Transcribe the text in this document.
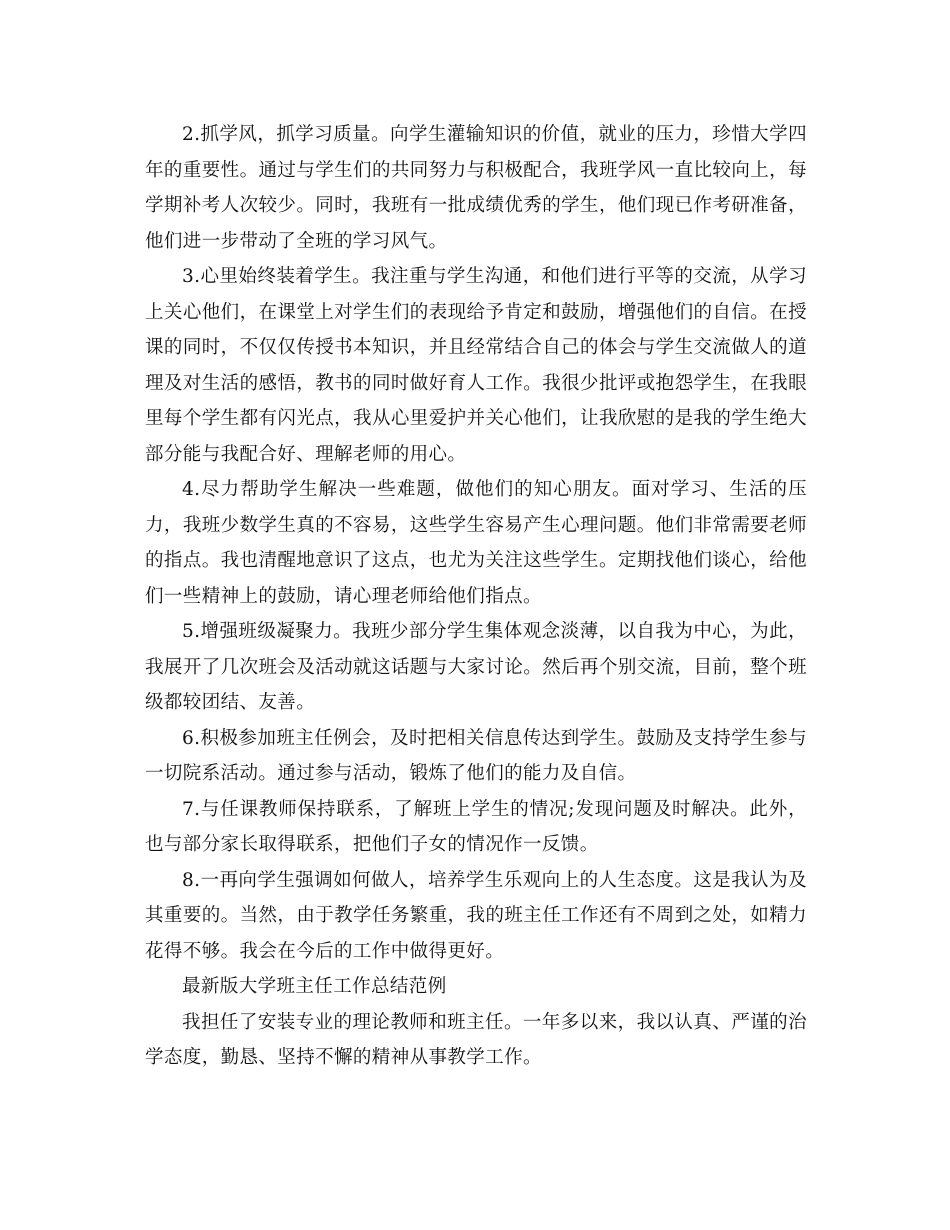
2.抓学风，抓学习质量。向学生灌输知识的价值，就业的压力，珍惜大学四年的重要性。通过与学生们的共同努力与积极配合，我班学风一直比较向上，每学期补考人次较少。同时，我班有一批成绩优秀的学生，他们现已作考研准备，他们进一步带动了全班的学习风气。

3.心里始终装着学生。我注重与学生沟通，和他们进行平等的交流，从学习上关心他们，在课堂上对学生们的表现给予肯定和鼓励，增强他们的自信。在授课的同时，不仅仅传授书本知识，并且经常结合自己的体会与学生交流做人的道理及对生活的感悟，教书的同时做好育人工作。我很少批评或抱怨学生，在我眼里每个学生都有闪光点，我从心里爱护并关心他们，让我欣慰的是我的学生绝大部分能与我配合好、理解老师的用心。

4.尽力帮助学生解决一些难题，做他们的知心朋友。面对学习、生活的压力，我班少数学生真的不容易，这些学生容易产生心理问题。他们非常需要老师的指点。我也清醒地意识了这点，也尤为关注这些学生。定期找他们谈心，给他们一些精神上的鼓励，请心理老师给他们指点。

5.增强班级凝聚力。我班少部分学生集体观念淡薄，以自我为中心，为此，我展开了几次班会及活动就这话题与大家讨论。然后再个别交流，目前，整个班级都较团结、友善。

6.积极参加班主任例会，及时把相关信息传达到学生。鼓励及支持学生参与一切院系活动。通过参与活动，锻炼了他们的能力及自信。

7.与任课教师保持联系，了解班上学生的情况;发现问题及时解决。此外，也与部分家长取得联系，把他们子女的情况作一反馈。

8.一再向学生强调如何做人，培养学生乐观向上的人生态度。这是我认为及其重要的。当然，由于教学任务繁重，我的班主任工作还有不周到之处，如精力花得不够。我会在今后的工作中做得更好。

最新版大学班主任工作总结范例

我担任了安装专业的理论教师和班主任。一年多以来，我以认真、严谨的治学态度，勤恳、坚持不懈的精神从事教学工作。
